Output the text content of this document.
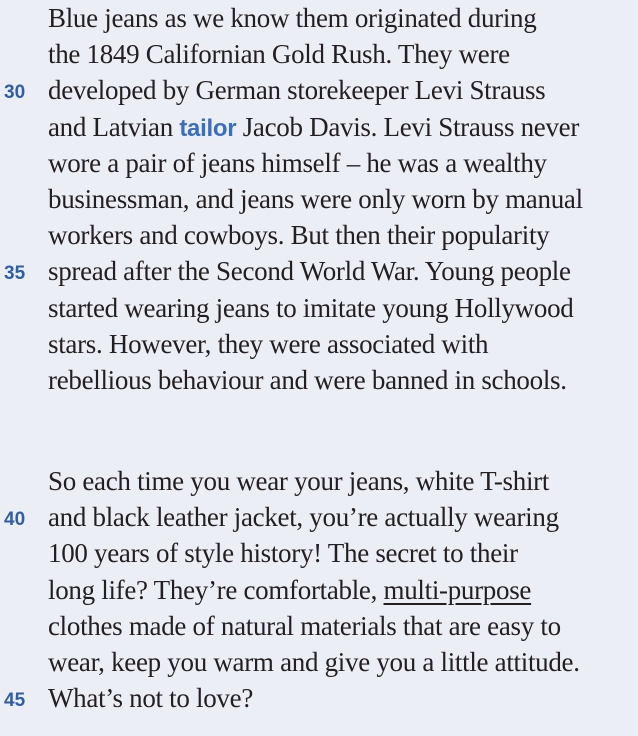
Blue jeans as we know them originated during
the 1849 Californian Gold Rush. They were
30 developed by German storekeeper Levi Strauss
and Latvian tailor Jacob Davis. Levi Strauss never
wore a pair of jeans himself – he was a wealthy
businessman, and jeans were only worn by manual
workers and cowboys. But then their popularity
35 spread after the Second World War. Young people
started wearing jeans to imitate young Hollywood
stars. However, they were associated with
rebellious behaviour and were banned in schools.
So each time you wear your jeans, white T-shirt
40 and black leather jacket, you’re actually wearing
100 years of style history! The secret to their
long life? They’re comfortable, multi-purpose
clothes made of natural materials that are easy to
wear, keep you warm and give you a little attitude.
45 What’s not to love?
